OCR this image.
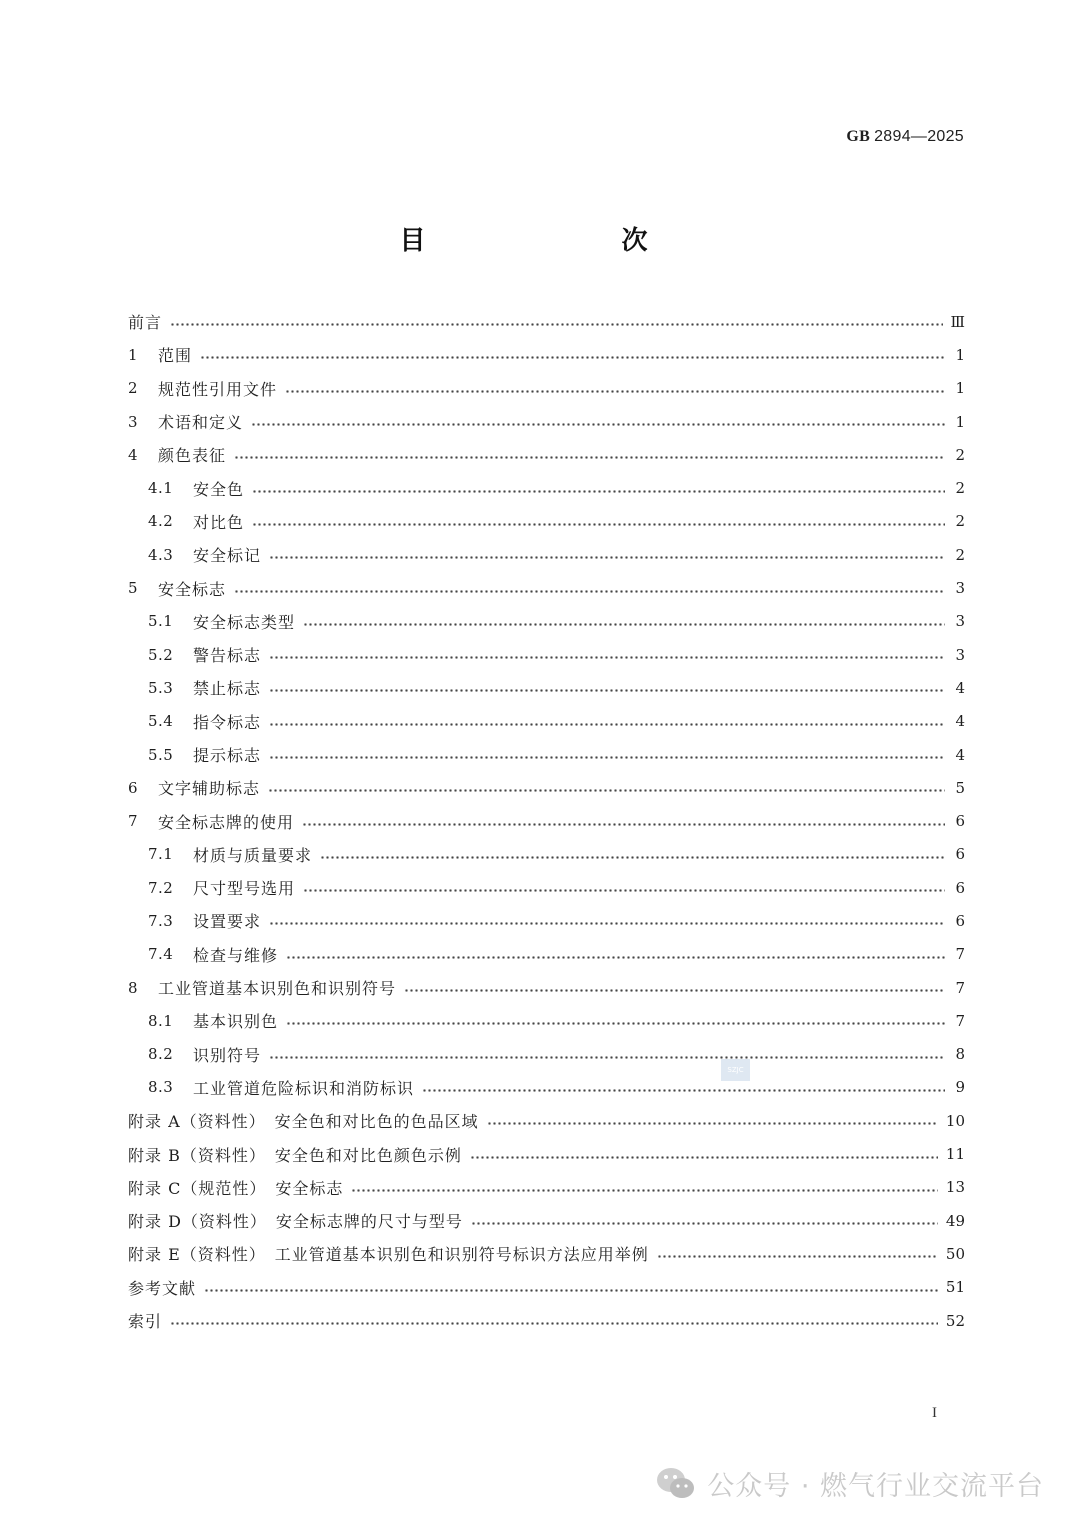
GB 2894—2025
目　　次
前言	Ⅲ
1	范围	1
2	规范性引用文件	1
3	术语和定义	1
4	颜色表征	2
4.1	安全色	2
4.2	对比色	2
4.3	安全标记	2
5	安全标志	3
5.1	安全标志类型	3
5.2	警告标志	3
5.3	禁止标志	4
5.4	指令标志	4
5.5	提示标志	4
6	文字辅助标志	5
7	安全标志牌的使用	6
7.1	材质与质量要求	6
7.2	尺寸型号选用	6
7.3	设置要求	6
7.4	检查与维修	7
8	工业管道基本识别色和识别符号	7
8.1	基本识别色	7
8.2	识别符号	8
8.3	工业管道危险标识和消防标识	9
附录 A（资料性）　安全色和对比色的色品区域	10
附录 B（资料性）　安全色和对比色颜色示例	11
附录 C（规范性）　安全标志	13
附录 D（资料性）　安全标志牌的尺寸与型号	49
附录 E（资料性）　工业管道基本识别色和识别符号标识方法应用举例	50
参考文献	51
索引	52
SZJC
I
公众号 · 燃气行业交流平台
